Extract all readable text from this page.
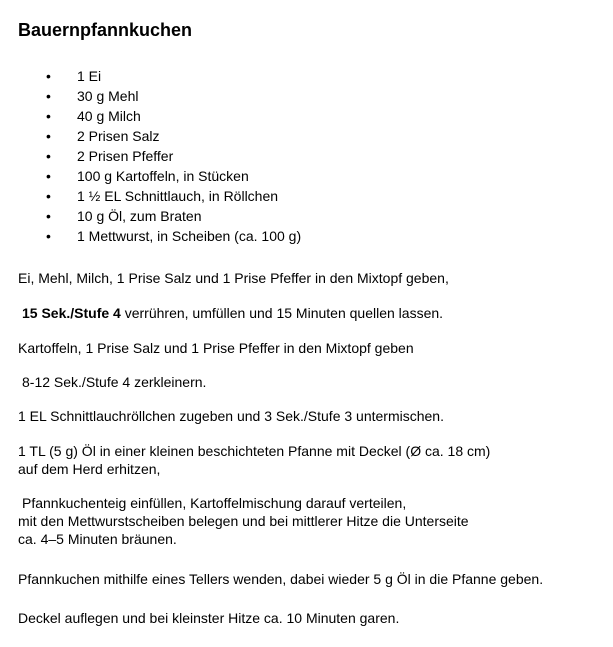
Bauernpfannkuchen
•	1 Ei
•	30 g Mehl
•	40 g Milch
•	2 Prisen Salz
•	2 Prisen Pfeffer
•	100 g Kartoffeln, in Stücken
•	1 ½ EL Schnittlauch, in Röllchen
•	10 g Öl, zum Braten
•	1 Mettwurst, in Scheiben (ca. 100 g)

Ei, Mehl, Milch, 1 Prise Salz und 1 Prise Pfeffer in den Mixtopf geben,

15 Sek./Stufe 4 verrühren, umfüllen und 15 Minuten quellen lassen.

Kartoffeln, 1 Prise Salz und 1 Prise Pfeffer in den Mixtopf geben

8-12 Sek./Stufe 4 zerkleinern.

1 EL Schnittlauchröllchen zugeben und 3 Sek./Stufe 3 untermischen.

1 TL (5 g) Öl in einer kleinen beschichteten Pfanne mit Deckel (Ø ca. 18 cm)

auf dem Herd erhitzen,

Pfannkuchenteig einfüllen, Kartoffelmischung darauf verteilen,

mit den Mettwurstscheiben belegen und bei mittlerer Hitze die Unterseite

ca. 4–5 Minuten bräunen.

Pfannkuchen mithilfe eines Tellers wenden, dabei wieder 5 g Öl in die Pfanne geben.

Deckel auflegen und bei kleinster Hitze ca. 10 Minuten garen.
